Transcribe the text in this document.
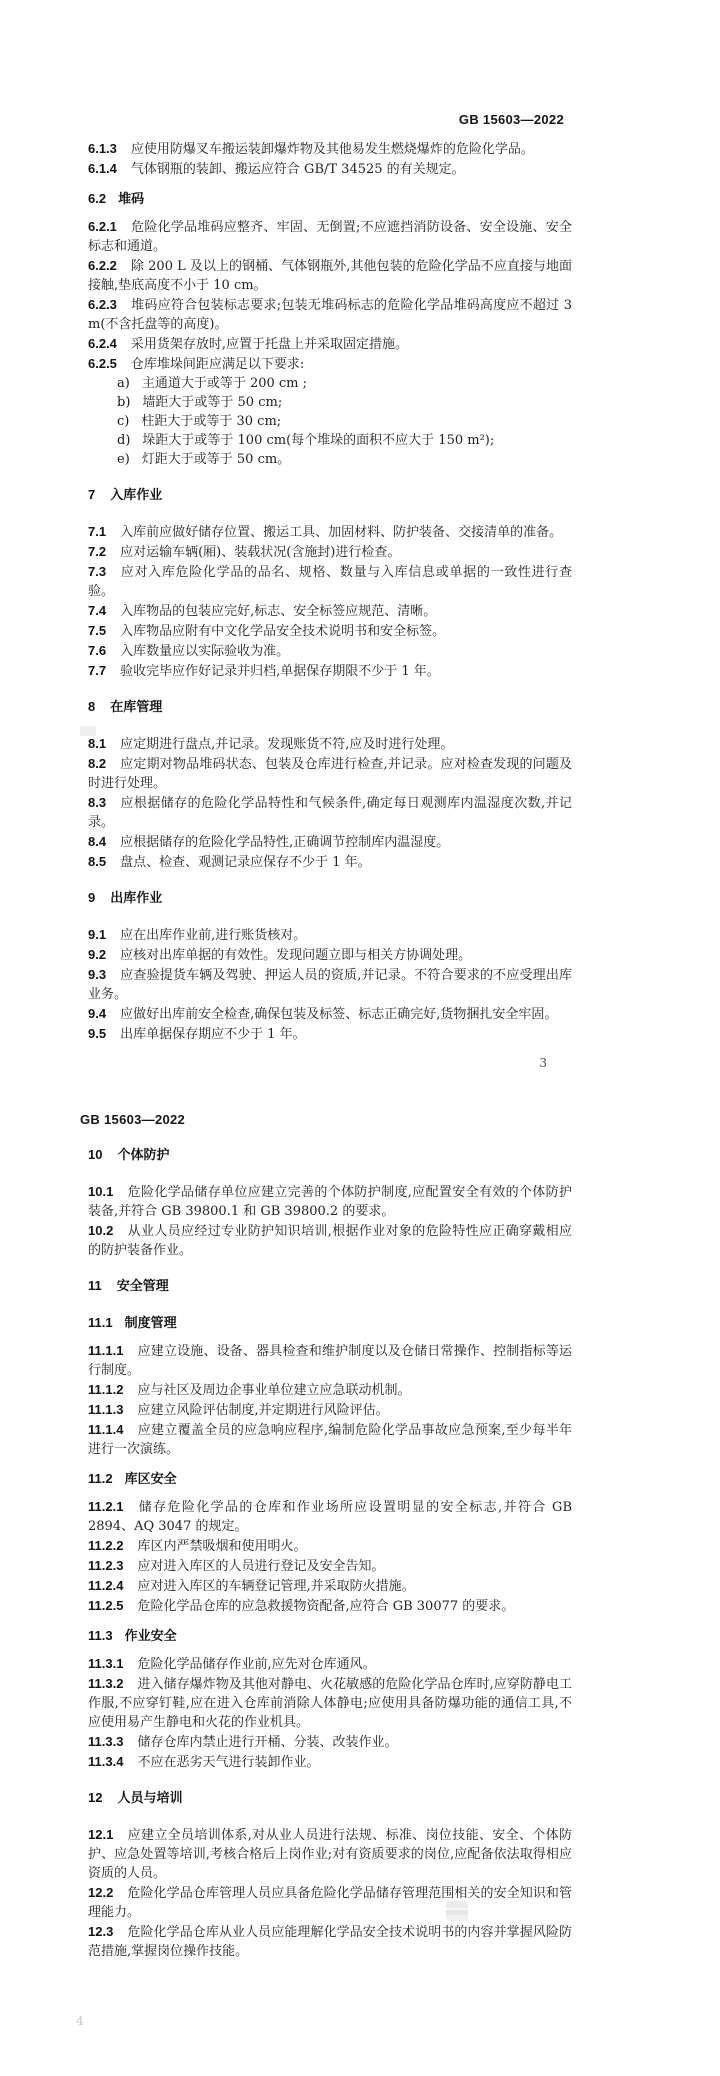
GB 15603—2022
6.1.3 应使用防爆叉车搬运装卸爆炸物及其他易发生燃烧爆炸的危险化学品。
6.1.4 气体钢瓶的装卸、搬运应符合 GB/T 34525 的有关规定。
6.2 堆码
6.2.1 危险化学品堆码应整齐、牢固、无倒置;不应遮挡消防设备、安全设施、安全标志和通道。
6.2.2 除 200 L 及以上的钢桶、气体钢瓶外,其他包装的危险化学品不应直接与地面接触,垫底高度不小于 10 cm。
6.2.3 堆码应符合包装标志要求;包装无堆码标志的危险化学品堆码高度应不超过 3 m(不含托盘等的高度)。
6.2.4 采用货架存放时,应置于托盘上并采取固定措施。
6.2.5 仓库堆垛间距应满足以下要求:
a) 主通道大于或等于 200 cm ;
b) 墙距大于或等于 50 cm;
c) 柱距大于或等于 30 cm;
d) 垛距大于或等于 100 cm(每个堆垛的面积不应大于 150 m²);
e) 灯距大于或等于 50 cm。
7 入库作业
7.1 入库前应做好储存位置、搬运工具、加固材料、防护装备、交接清单的准备。
7.2 应对运输车辆(厢)、装载状况(含施封)进行检查。
7.3 应对入库危险化学品的品名、规格、数量与入库信息或单据的一致性进行查验。
7.4 入库物品的包装应完好,标志、安全标签应规范、清晰。
7.5 入库物品应附有中文化学品安全技术说明书和安全标签。
7.6 入库数量应以实际验收为准。
7.7 验收完毕应作好记录并归档,单据保存期限不少于 1 年。
8 在库管理
8.1 应定期进行盘点,并记录。发现账货不符,应及时进行处理。
8.2 应定期对物品堆码状态、包装及仓库进行检查,并记录。应对检查发现的问题及时进行处理。
8.3 应根据储存的危险化学品特性和气候条件,确定每日观测库内温湿度次数,并记录。
8.4 应根据储存的危险化学品特性,正确调节控制库内温湿度。
8.5 盘点、检查、观测记录应保存不少于 1 年。
9 出库作业
9.1 应在出库作业前,进行账货核对。
9.2 应核对出库单据的有效性。发现问题立即与相关方协调处理。
9.3 应查验提货车辆及驾驶、押运人员的资质,并记录。不符合要求的不应受理出库业务。
9.4 应做好出库前安全检查,确保包装及标签、标志正确完好,货物捆扎安全牢固。
9.5 出库单据保存期应不少于 1 年。
3
GB 15603—2022
10 个体防护
10.1 危险化学品储存单位应建立完善的个体防护制度,应配置安全有效的个体防护装备,并符合 GB 39800.1 和 GB 39800.2 的要求。
10.2 从业人员应经过专业防护知识培训,根据作业对象的危险特性应正确穿戴相应的防护装备作业。
11 安全管理
11.1 制度管理
11.1.1 应建立设施、设备、器具检查和维护制度以及仓储日常操作、控制指标等运行制度。
11.1.2 应与社区及周边企事业单位建立应急联动机制。
11.1.3 应建立风险评估制度,并定期进行风险评估。
11.1.4 应建立覆盖全员的应急响应程序,编制危险化学品事故应急预案,至少每半年进行一次演练。
11.2 库区安全
11.2.1 储存危险化学品的仓库和作业场所应设置明显的安全标志,并符合 GB 2894、AQ 3047 的规定。
11.2.2 库区内严禁吸烟和使用明火。
11.2.3 应对进入库区的人员进行登记及安全告知。
11.2.4 应对进入库区的车辆登记管理,并采取防火措施。
11.2.5 危险化学品仓库的应急救援物资配备,应符合 GB 30077 的要求。
11.3 作业安全
11.3.1 危险化学品储存作业前,应先对仓库通风。
11.3.2 进入储存爆炸物及其他对静电、火花敏感的危险化学品仓库时,应穿防静电工作服,不应穿钉鞋,应在进入仓库前消除人体静电;应使用具备防爆功能的通信工具,不应使用易产生静电和火花的作业机具。
11.3.3 储存仓库内禁止进行开桶、分装、改装作业。
11.3.4 不应在恶劣天气进行装卸作业。
12 人员与培训
12.1 应建立全员培训体系,对从业人员进行法规、标准、岗位技能、安全、个体防护、应急处置等培训,考核合格后上岗作业;对有资质要求的岗位,应配备依法取得相应资质的人员。
12.2 危险化学品仓库管理人员应具备危险化学品储存管理范围相关的安全知识和管理能力。
12.3 危险化学品仓库从业人员应能理解化学品安全技术说明书的内容并掌握风险防范措施,掌握岗位操作技能。
4
